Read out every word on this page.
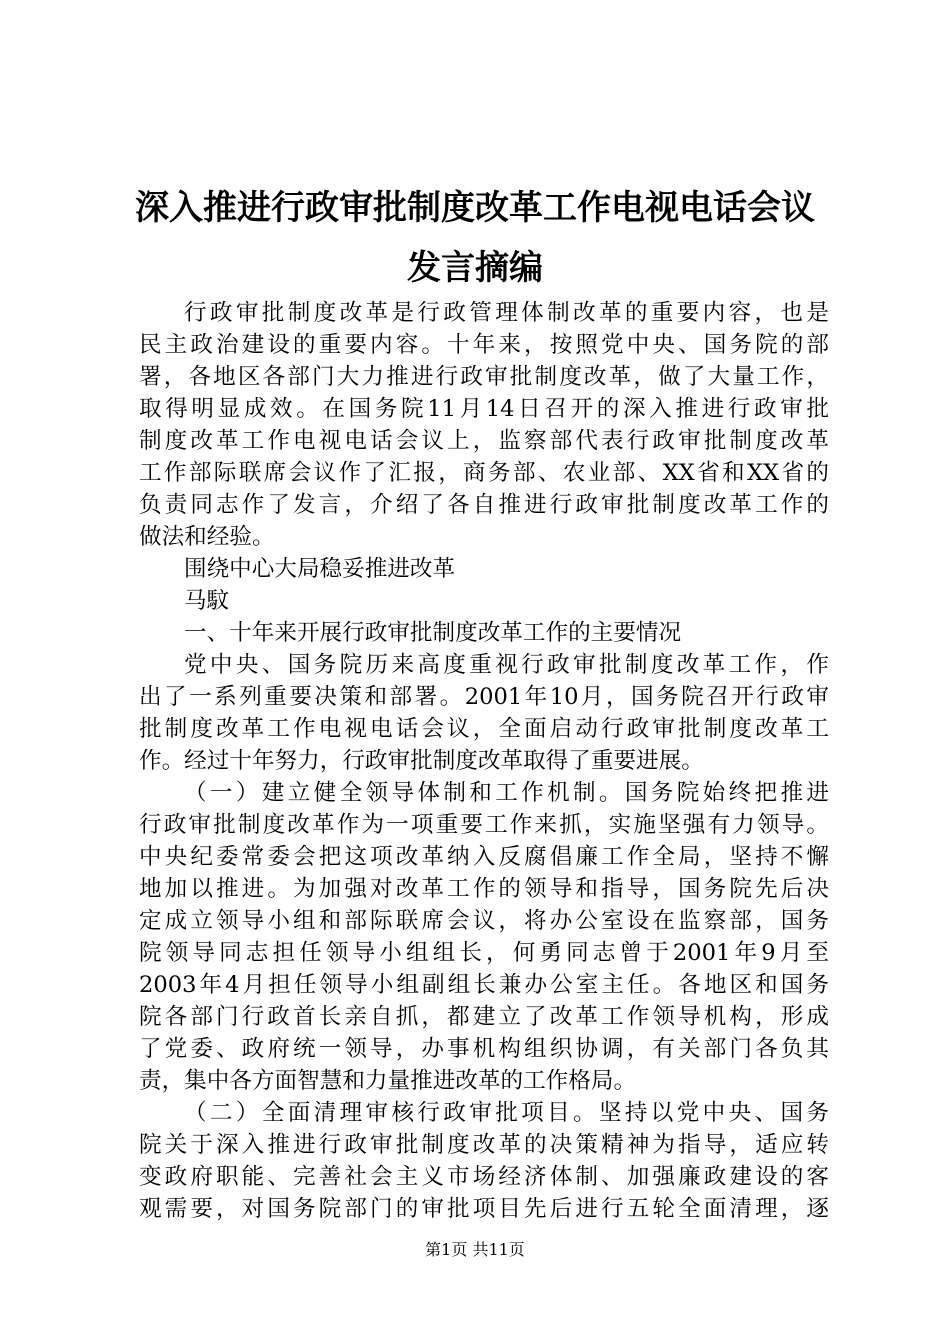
深入推进行政审批制度改革工作电视电话会议
发言摘编
行政审批制度改革是行政管理体制改革的重要内容，也是
民主政治建设的重要内容。十年来，按照党中央、国务院的部
署，各地区各部门大力推进行政审批制度改革，做了大量工作，
取得明显成效。在国务院11月14日召开的深入推进行政审批
制度改革工作电视电话会议上，监察部代表行政审批制度改革
工作部际联席会议作了汇报，商务部、农业部、XX省和XX省的
负责同志作了发言，介绍了各自推进行政审批制度改革工作的
做法和经验。
围绕中心大局稳妥推进改革
马馼
一、十年来开展行政审批制度改革工作的主要情况
党中央、国务院历来高度重视行政审批制度改革工作，作
出了一系列重要决策和部署。2001年10月，国务院召开行政审
批制度改革工作电视电话会议，全面启动行政审批制度改革工
作。经过十年努力，行政审批制度改革取得了重要进展。
（一）建立健全领导体制和工作机制。国务院始终把推进
行政审批制度改革作为一项重要工作来抓，实施坚强有力领导。
中央纪委常委会把这项改革纳入反腐倡廉工作全局，坚持不懈
地加以推进。为加强对改革工作的领导和指导，国务院先后决
定成立领导小组和部际联席会议，将办公室设在监察部，国务
院领导同志担任领导小组组长，何勇同志曾于2001年9月至
2003年4月担任领导小组副组长兼办公室主任。各地区和国务
院各部门行政首长亲自抓，都建立了改革工作领导机构，形成
了党委、政府统一领导，办事机构组织协调，有关部门各负其
责，集中各方面智慧和力量推进改革的工作格局。
（二）全面清理审核行政审批项目。坚持以党中央、国务
院关于深入推进行政审批制度改革的决策精神为指导，适应转
变政府职能、完善社会主义市场经济体制、加强廉政建设的客
观需要，对国务院部门的审批项目先后进行五轮全面清理，逐
第1页 共11页
